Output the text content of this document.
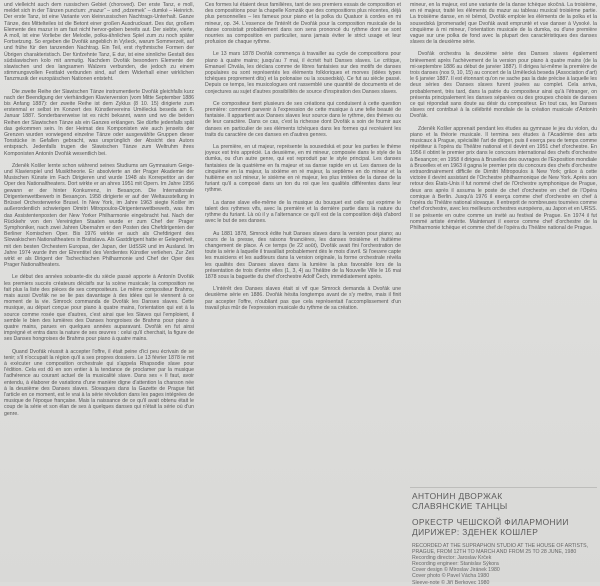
und vielleicht auch dem russischen Gebiet (choroved). Der erste Tanz, e moll, meldet sich in der Tänzen punctum: „mazur“ – und „odzemek“ – dumké – Heinrich. Der erste Tanz, ist eine Variante von kleinrussischen Nachtrags-Unterhalt. Ganze Tänze, des Mittelteiles ist die Betont einer großen Ausdrucksart. Des dur, großem Elemente des mazur in am fast nicht hervor-geben bereits aut. Der siebte, vierte, A moll, ist eine Vorliebe der Melodie, polka-ähnliches Spiel zum zu noch später Fortsetzung. So ergeben die Dvořák angeblich in Vyšeck, warum Sommerzeit, auf und frühe für den tanzenden Nachtrag. Ein Teil, erst rhythmische Formen der Übrigen charakteristisch. Der fünfzehnte Tanz, E dur, ist eine sinnliche Gestalt des südslawischen kolo mit anmutig. Nachdem Dvořák besondern Elemente der slawischen und des langsamen Walzers verbunden, die jedoch zu einem stimmungsvollen Festtakt verbunden sind, auf dem Widerhall einer wirklichen Tanzmusik der europäischen Nationen entsteht.

Die zweite Reihe der Slawischen Tänze instrumentierte Dvořák gleichfalls kurz nach der Beendigung der vierhändigen Klavierversion (vom Mitte September 1886 bis Anfang 1887): der zweite Reihe ist dem Zyklus (8 10. 15) dirigierte zum erstenmal er selbst im Konzert des Künstlervereins Umělecká beseda am 6. Januar 1887. Sonderbarerweise ist es nicht bekannt, wann und wo die beiden Reihen der Slawischen Tänze als ein Ganzes erklangen. Sie dürfte jedenfalls spät das gekommen sein. In der Heimat des Komponisten wie auch jenseits der Grenzen wurden vorwiegend einzelne Tänze oder ausgewählte Gruppen dieser Tonstücke in Gefallen gebracht, was ursprünglich der Absicht des Autors entsprach. Jedenfalls trugen die Slawischen Tänze zum Weltruhm ihres Komponisten Antonín Dvořák wesentlich bei.

Zdeněk Košler lernte schon während seines Studiums am Gymnasium Geige- und Klavierspiel und Musiktheorie. Er absolvierte an der Prager Akademie der Musischen Künste im Fach Dirigieren und wurde 1948 als Korrepetitor an der Oper des Nationaltheaters. Dort wirkte er an ahres 1951 mit Opern. Im Jahre 1956 gewann er der hinter Konkurrenz, in Besançon. Die Internationale Dirigentenwettbewerb in Besançon. 1958 dirigierte er auf der Weltausstellung in Brüssel Orchesterwerke Brusel. In New York, im Jahre 1963 siegte Košler im außerordentlich schwierigen Dimitri Mitropoulos-Dirigentenwettbewerb, was ihm das Assistentenposten der New Yorker Philharmonie eingebracht hat. Nach der Rückkehr von den Vereinigten Staaten wurde er zum Chef der Prager Symphoniker, nach zwei Jahren Übernahm er den Posten des Chefdirigenten der Berliner Komischen Oper. Bis 1976 wirkte er auch als Chefdirigent des Slowakischen Nationaltheaters in Bratislava. Als Gastdirigent hatte er Gelegenheit, mit den besten Orchestern Europas, der Japan, der UdSSR und im Ausland. Im Jahre 1974 wurde ihm der Ehrentitel des Verdientes Künstler verliehen. Zur Zeit wirkt er als Dirigent der Tschechischen Philharmonie und Chef der Oper des Prager Nationaltheaters.

Le début des années soixante-dix du siècle passé apporte à Antonín Dvořák les premiers succès créateurs décisifs sur la scène musicale; la composition ne fait plus la liste des pièces de ses compositeurs. Le même compositeur Brahms, mais aussi Dvořák ne se lie pas davantage à des idées qui le viennent à ce moment de la vie. Simrock commanda de Dvořák les Danses slaves. Cette musique, au départ conçue pour piano à quatre mains, l'orientation qui est à la source comme rosée que d'autres, c'est ainsi que les Slaves qui l'emploient, il semble le bien des lumières des Danses hongroises de Brahms pour piano à quatre mains, parues en quelques années auparavant. Dvořák en fut ainsi imprégné et entra dans la nature de ses œuvres : celui qu'il cherchait, la figure de ses Danses hongroises de Brahms pour piano à quatre mains.

Quand Dvořák réussit à accepter l'offre, il était peine d'ici peu écrivain de se tenir; s'il n'occupait la région qu'il a ses propres dossiers. Le 13 février 1878 le mit à exécuter une composition orchestrale qui s'appela Rhapsodie slave pour l'édition. Cela est dû en son entier à la tendance de proclamer par la musique l'adhérence au courant actuel de la musicalité slave. Dans ses « Il faut, avoir entendu, à élaborer de variations d'une manière digne d'attention la chanson née à la deuxième des Danses slaves. Slovaques dans la Gazette de Prague fait l'article en ce moment, est le vrai à la série révolution dans les pages intégrées de musique de l'époque française. Mais la naissance de ce qu'il avait obtenu était le coup de la série et son élan de ses à quelques danses qui n'était la série où d'un genre.

Ces formes lui étaient deux familières, tant de ses premiers essais de composition et des compositions pour la chapelle Komzák que des compositions plus récentes, déjà plus personnelles – les fameux pour piano et la polka du Quatuor à cordes en mi mineur, op. 34. L'essence de l'intérêt de Dvořák pour la composition musicale de la danse consistait probablement dans son sens prononcé du rythme dont se sont nourries sa composition en particulier, sans jamais éviter le strict usage et leur profusion de chaque rythme.

Le 13 mars 1878 Dvořák commença à travailler au cycle de compositions pour piano à quatre mains; jusqu'au 7 mai, il écrivit huit Danses slaves. Le critique, Emanuel Chvála, les déclara comme de libres fantaisies sur des motifs de danses populaires ou sont représentés les éléments folkloriques et morves (idées types tchèques proprement dits) et la polonaise ou la sousedská). Ce fut au siècle passé. Depuis ce temps, les musicologues ont rassemblé une quantité de documents et de conjectures au sujet d'autres possibilités de source d'inspiration des Danses slaves.

Ce compositeur tient plusieurs de ses créations qui conduisent à cette question première: comment parvenir à l'expression de cette musique à une telle beauté de fantaisie. Il appartient aux Danses slaves leur source dans le rythme, des thèmes ou de leur caractère. Dans ce cas, c'est la richesse dont Dvořák a soin de fournir aux danses en particulier de ses éléments tchèques dans les formes qui recréaient les traits du caractère de ces danses en d'autres genres.

La première, en ut majeur, représente la sousedská et pour les parties le thème joyeux est très apprécié. La deuxième, en mi mineur, composée dans le style de la dumka, ou d'un autre genre, qui est reproduit par le style principal. Les danses fantaisies de la quatrième en fa majeur et sa danse rapide en ut. Les danses de la cinquième en la majeur, la sixième en ré majeur, la septième en do mineur et la huitième en sol mineur, le sixième en ré majeur, les plus imitées de la danse de la furiant qu'il a composé dans un ton du roi que les qualités différentes dans leur rythme.

La danse slave elle-même de la musique du bouquet est celle qui exprime le talent des rythmes vifs, avec la première et la dernière partie dans la nature du rythme du furiant. Là où il y a l'alternance ce qu'il est de la composition déjà d'abord avec le but de ses danses.

Au 1881 1878, Simrock édite huit Danses slaves dans la version pour piano; au cours de la presse, des raisons financières, les danses troisième et huitième changement de place. À ce temps (le 22 août), Dvořák avait fini l'orchestration de toute la série à laquelle il travaillait probablement dès le mois d'avril. Si l'oeuvre capte les musiciens et les auditeurs dans la version originale, la forme orchestrale révéla les qualités des Danses slaves dans la lumière la plus favorable lors de la présentation de trois d'entre elles (1, 3, 4) au Théâtre de la Nouvelle Ville le 16 mai 1878 sous la baguette du chef d'orchestre Adolf Čech, immédiatement après.

L'intérêt des Danses slaves était si vif que Simrock demanda à Dvořák une deuxième série en 1886. Dvořák hésita longtemps avant de s'y mettre, mais il finit par accepter l'offre, n'oubliant pas que cela représentait l'accomplissement d'un travail plus mûr de l'expression musicale du rythme de sa création.

mineur, en la majeur, est une variante de la danse tchèque skočná. La troisième, en ré majeur, traité les éléments du mazur au tableau musical troisième partie. La troisième danse, en ré bémol, Dvořák emploie les éléments de la polka et la sousedská (promenade) que Dvořák avait emprunté et vue danser à Vysoké. la cinquième à mi mineur, l'orientation musicale de la dumka, ou d'une première vague sur une polka de fond avec la plupart des caractéristiques des danses slaves de la deuxième série.

Dvořák orchestra la deuxième série des Danses slaves également brièvement après l'achèvement de la version pour piano à quatre mains (de la mi-septembre 1886 au début de janvier 1887). Il dirigea lui-même la première de trois danses (nos 9, 10, 15) au concert de la Umělecká beseda (Association d'art) le 6 janvier 1887. Il est étonnant qu'on ne sache pas la date précise à laquelle les deux séries des Danses slaves furent jouées au complet. Cela arriva, probablement, très tard, dans la patrie du compositeur ainsi qu'à l'étranger, on présenta principalement les danses séparées ou des groupes choisis de danses ce qui répondait sans doute au désir du compositeur. En tout cas, les Danses slaves ont contribué à la célébrité mondiale de la création musicale d'Antonín Dvořák.

Zdeněk Košler apprenait pendant les études au gymnase le jeu du violon, du piano et la théorie musicale. Il termina ses études à l'Académie des arts musicaux à Prague, spécialité l'art de diriger, puis il exerça peu de temps comme répétiteur à l'opéra du Théâtre national et il devint en 1951 chef d'orchestre. En 1956 il obtint le premier prix dans le concours international des chefs d'orchestre à Besançon; en 1958 il dirigea à Bruxelles des ouvrages de l'Exposition mondiale à Bruxelles et en 1963 il gagna le premier prix du concours des chefs d'orchestre extraordinairement difficile de Dimitri Mitropoulos à New York; grâce à cette victoire il devint assistant de l'Orchestre philharmonique de New York. Après son retour des États-Unis il fut nommé chef de l'Orchestre symphonique de Prague, deux ans après il assuma le poste de chef d'orchestre en chef de l'Opéra comique à Berlin. Jusqu'à 1976 il exerça comme chef d'orchestre en chef à l'opéra du Théâtre national slovaque. Il entreprit de nombreuses tournées comme chef d'orchestre, avec les meilleurs orchestres européens, au Japon et en URSS. Il se présente en outre comme un invité au festival de Prague. En 1974 il fut nommé artiste émérite. Maintenant il exerce comme chef d'orchestre de la Philharmonie tchèque et comme chef de l'opéra du Théâtre national de Prague.

АНТОНИН ДВОРЖАК

СЛАВЯНСКИЕ ТАНЦЫ

ОРКЕСТР ЧЕШСКОЙ ФИЛАРМОНИИ

ДИРИЖЕР: ЗДЕНЕК КОШЛЕР

RECORDED AT THE SUPRAPHON STUDIO AT THE HOUSE OF ARTISTS, PRAGUE, FROM 12TH TO MARCH AND FROM 25 TO 28 JUNE, 1980

Recording director: Jaroslav Krček

Recording engineer: Stanislav Sýkora

Cover design © Miroslav Jiránek 1980

Cover photo © Pavel Vácha 1980

Sleeve-note © Jiří Berkovec 1980
